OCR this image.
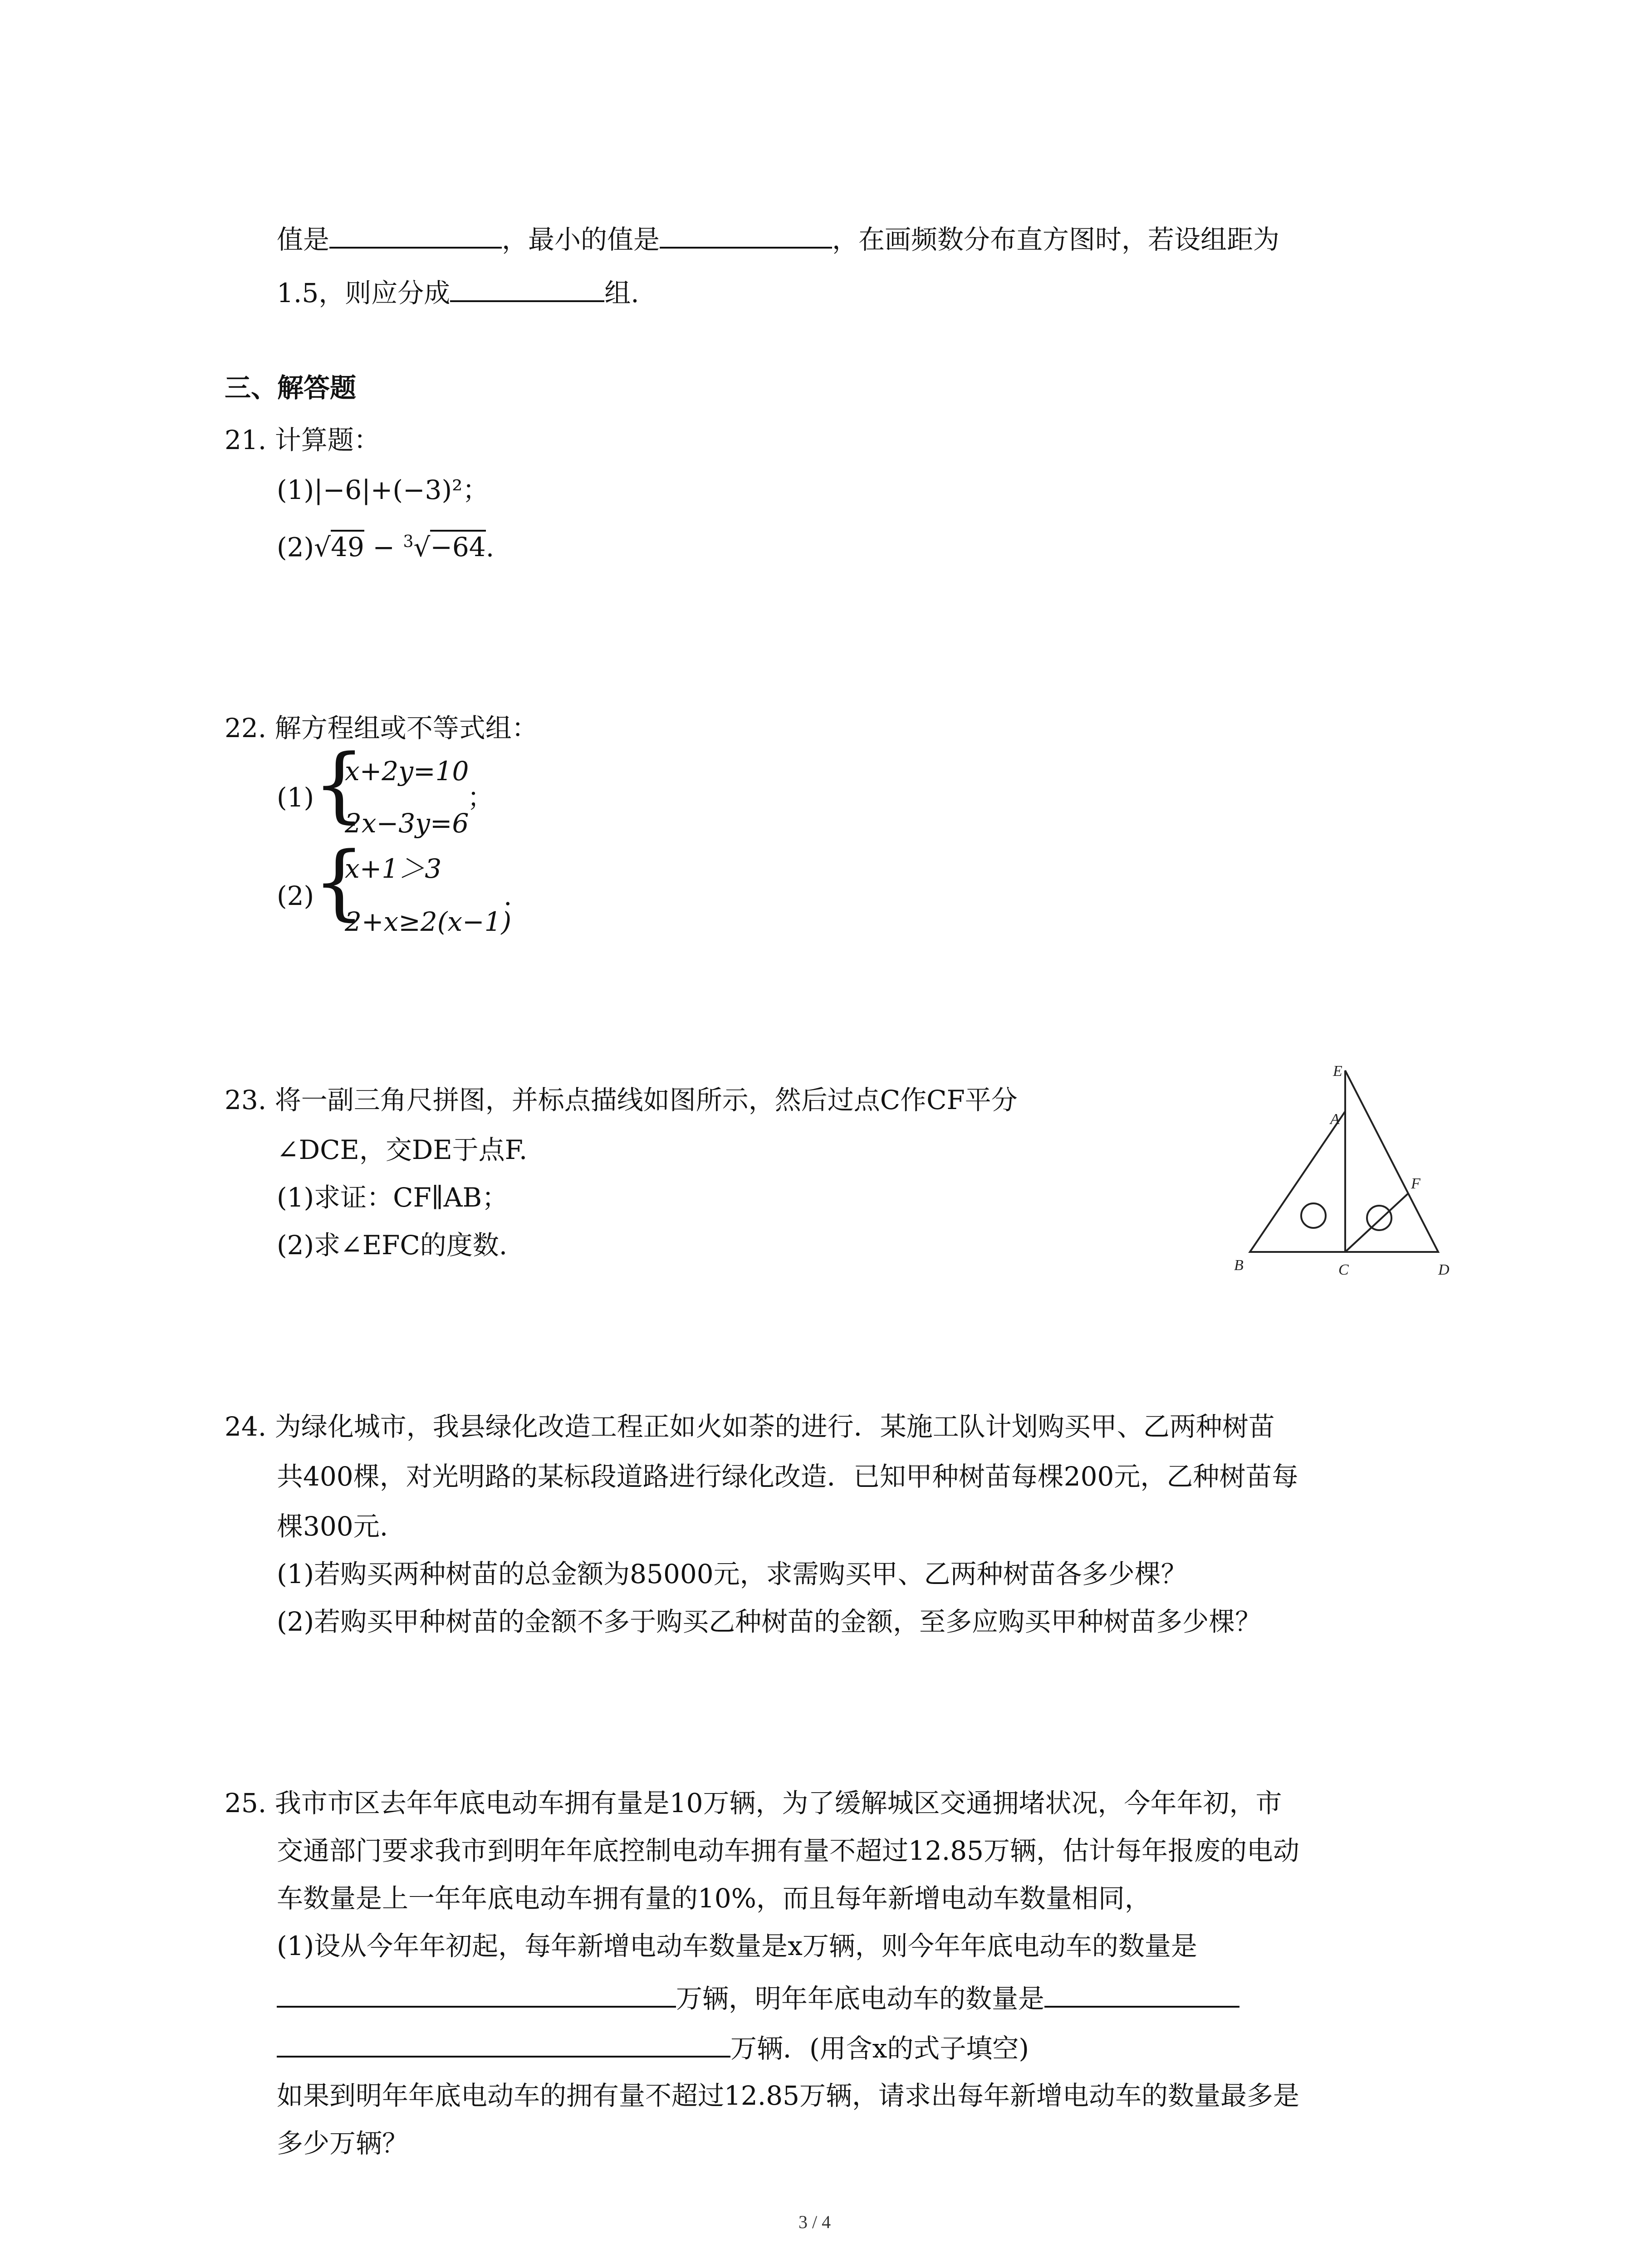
值是	，最小的值是	，在画频数分布直方图时，若设组距为
1.5，则应分成	组.
三、解答题
21. 计算题：
(1)|−6|+(−3)²；
(2)√49 − $^3$√−64.
22. 解方程组或不等式组：
(1)
{
x+2y=10
2x−3y=6
；
(2)
{
x+1＞3
2+x≥2(x−1)
.
23. 将一副三角尺拼图，并标点描线如图所示，然后过点C作CF平分
∠DCE，交DE于点F.
(1)求证：CF∥AB；
(2)求∠EFC的度数.
E
A
F
B	C	D
24. 为绿化城市，我县绿化改造工程正如火如荼的进行．某施工队计划购买甲、乙两种树苗
共400棵，对光明路的某标段道路进行绿化改造．已知甲种树苗每棵200元，乙种树苗每
棵300元.
(1)若购买两种树苗的总金额为85000元，求需购买甲、乙两种树苗各多少棵？
(2)若购买甲种树苗的金额不多于购买乙种树苗的金额，至多应购买甲种树苗多少棵？
25. 我市市区去年年底电动车拥有量是10万辆，为了缓解城区交通拥堵状况，今年年初，市
交通部门要求我市到明年年底控制电动车拥有量不超过12.85万辆，估计每年报废的电动
车数量是上一年年底电动车拥有量的10%，而且每年新增电动车数量相同，
(1)设从今年年初起，每年新增电动车数量是x万辆，则今年年底电动车的数量是
万辆，明年年底电动车的数量是
万辆．(用含x的式子填空)
如果到明年年底电动车的拥有量不超过12.85万辆，请求出每年新增电动车的数量最多是
多少万辆？
3 / 4
